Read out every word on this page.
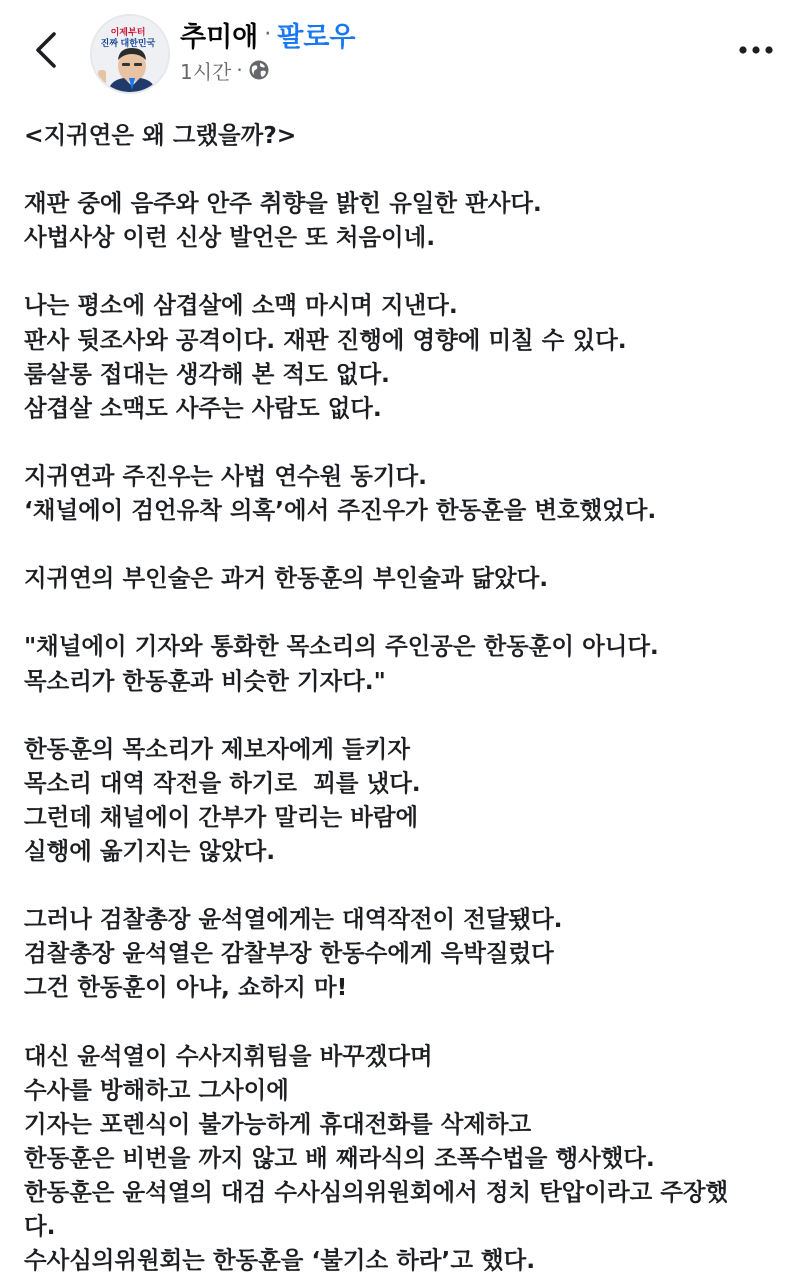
이제부터
진짜 대한민국 추미애 · 팔로우
1시간 ·
<지귀연은 왜 그랬을까?>
재판 중에 음주와 안주 취향을 밝힌 유일한 판사다.
사법사상 이런 신상 발언은 또 처음이네.
나는 평소에 삼겹살에 소맥 마시며 지낸다.
판사 뒷조사와 공격이다. 재판 진행에 영향에 미칠 수 있다.
룸살롱 접대는 생각해 본 적도 없다.
삼겹살 소맥도 사주는 사람도 없다.
지귀연과 주진우는 사법 연수원 동기다.
‘채널에이 검언유착 의혹’에서 주진우가 한동훈을 변호했었다.
지귀연의 부인술은 과거 한동훈의 부인술과 닮았다.
"채널에이 기자와 통화한 목소리의 주인공은 한동훈이 아니다.
목소리가 한동훈과 비슷한 기자다."
한동훈의 목소리가 제보자에게 들키자
목소리 대역 작전을 하기로  꾀를 냈다.
그런데 채널에이 간부가 말리는 바람에
실행에 옮기지는 않았다.
그러나 검찰총장 윤석열에게는 대역작전이 전달됐다.
검찰총장 윤석열은 감찰부장 한동수에게 윽박질렀다
그건 한동훈이 아냐, 쇼하지 마!
대신 윤석열이 수사지휘팀을 바꾸겠다며
수사를 방해하고 그사이에
기자는 포렌식이 불가능하게 휴대전화를 삭제하고
한동훈은 비번을 까지 않고 배 째라식의 조폭수법을 행사했다.
한동훈은 윤석열의 대검 수사심의위원회에서 정치 탄압이라고 주장했
다.
수사심의위원회는 한동훈을 ‘불기소 하라’고 했다.
